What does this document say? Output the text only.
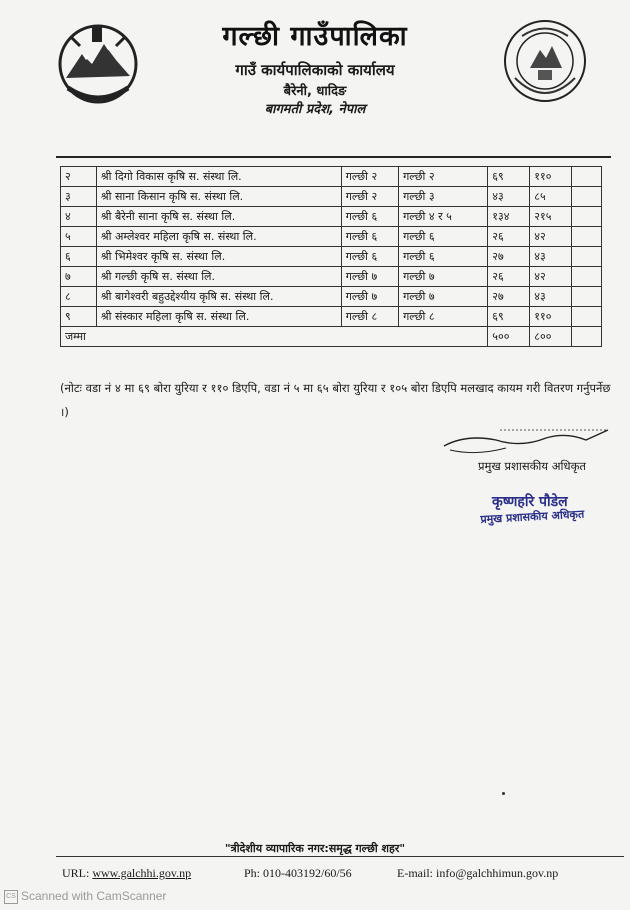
गल्छी गाउँपालिका
गाउँ कार्यपालिकाको कार्यालय
बैरेनी, धादिङ
बागमती प्रदेश, नेपाल
२	श्री दिगो विकास कृषि स. संस्था लि.	गल्छी २	गल्छी २	६९	११०	
३	श्री साना किसान कृषि स. संस्था लि.	गल्छी २	गल्छी ३	४३	८५	
४	श्री बैरेनी साना कृषि स. संस्था लि.	गल्छी ६	गल्छी ४ र ५	१३४	२१५	
५	श्री अम्लेश्वर महिला कृषि स. संस्था लि.	गल्छी ६	गल्छी ६	२६	४२	
६	श्री भिमेश्वर कृषि स. संस्था लि.	गल्छी ६	गल्छी ६	२७	४३	
७	श्री गल्छी कृषि स. संस्था लि.	गल्छी ७	गल्छी ७	२६	४२	
८	श्री बागेश्वरी बहुउद्देश्यीय कृषि स. संस्था लि.	गल्छी ७	गल्छी ७	२७	४३	
९	श्री संस्कार महिला कृषि स. संस्था लि.	गल्छी ८	गल्छी ८	६९	११०	
जम्मा				५००	८००	
(नोटः वडा नं ४ मा ६९ बोरा युरिया र ११० डिएपि, वडा नं ५ मा ६५ बोरा युरिया र १०५ बोरा डिएपि मलखाद कायम गरी वितरण गर्नुपर्नेछ ।)
प्रमुख प्रशासकीय अधिकृत
कृष्णहरि पौडेल
प्रमुख प्रशासकीय अधिकृत
"त्रीदेशीय व्यापारिक नगर:समृद्ध गल्छी शहर"
URL: www.galchhi.gov.np	Ph: 010-403192/60/56	E-mail: info@galchhimun.gov.np
CS Scanned with CamScanner
